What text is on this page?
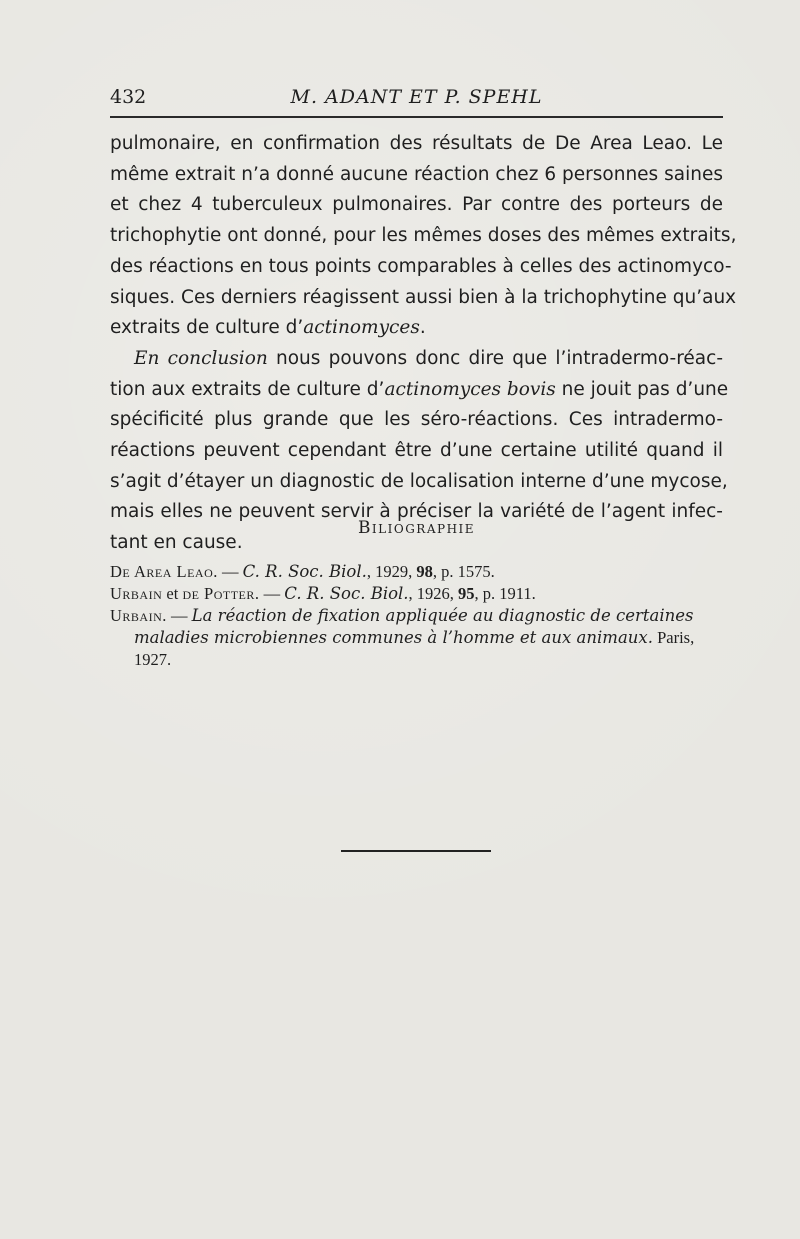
432	M. ADANT ET P. SPEHL

pulmonaire, en confirmation des résultats de De Area Leao. Le
même extrait n’a donné aucune réaction chez 6 personnes saines
et chez 4 tuberculeux pulmonaires. Par contre des porteurs de
trichophytie ont donné, pour les mêmes doses des mêmes extraits,
des réactions en tous points comparables à celles des actinomyco-
siques. Ces derniers réagissent aussi bien à la trichophytine qu’aux
extraits de culture d’actinomyces.

En conclusion nous pouvons donc dire que l’intradermo-réac-
tion aux extraits de culture d’actinomyces bovis ne jouit pas d’une
spécificité plus grande que les séro-réactions. Ces intradermo-
réactions peuvent cependant être d’une certaine utilité quand il
s’agit d’étayer un diagnostic de localisation interne d’une mycose,
mais elles ne peuvent servir à préciser la variété de l’agent infec-
tant en cause.

Biliographie
De Area Leao. — C. R. Soc. Biol., 1929, 98, p. 1575.
Urbain et de Potter. — C. R. Soc. Biol., 1926, 95, p. 1911.
Urbain. — La réaction de fixation appliquée au diagnostic de certaines
maladies microbiennes communes à l’homme et aux animaux. Paris, 1927.
